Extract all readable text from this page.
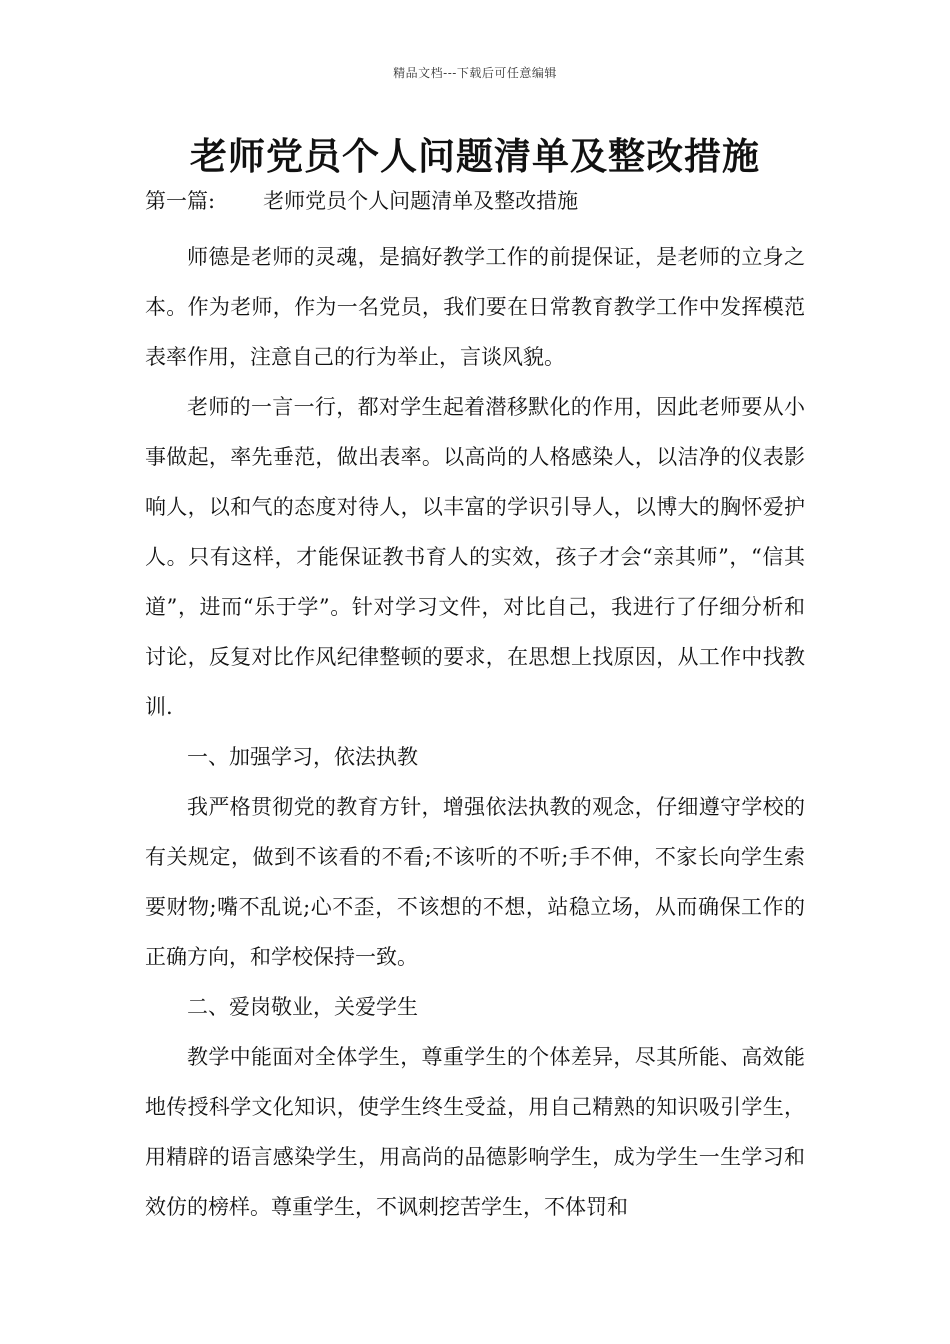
精品文档---下载后可任意编辑
老师党员个人问题清单及整改措施
第一篇: 老师党员个人问题清单及整改措施

师德是老师的灵魂，是搞好教学工作的前提保证，是老师的立身之本。作为老师，作为一名党员，我们要在日常教育教学工作中发挥模范表率作用，注意自己的行为举止，言谈风貌。

老师的一言一行，都对学生起着潜移默化的作用，因此老师要从小事做起，率先垂范，做出表率。以高尚的人格感染人，以洁净的仪表影响人，以和气的态度对待人，以丰富的学识引导人，以博大的胸怀爱护人。只有这样，才能保证教书育人的实效，孩子才会“亲其师”，“信其道”，进而“乐于学”。针对学习文件，对比自己，我进行了仔细分析和讨论，反复对比作风纪律整顿的要求，在思想上找原因，从工作中找教训.

一、加强学习，依法执教

我严格贯彻党的教育方针，增强依法执教的观念，仔细遵守学校的有关规定，做到不该看的不看;不该听的不听;手不伸，不家长向学生索要财物;嘴不乱说;心不歪，不该想的不想，站稳立场，从而确保工作的正确方向，和学校保持一致。

二、爱岗敬业，关爱学生

教学中能面对全体学生，尊重学生的个体差异，尽其所能、高效能地传授科学文化知识，使学生终生受益，用自己精熟的知识吸引学生，用精辟的语言感染学生，用高尚的品德影响学生，成为学生一生学习和效仿的榜样。尊重学生，不讽刺挖苦学生，不体罚和
